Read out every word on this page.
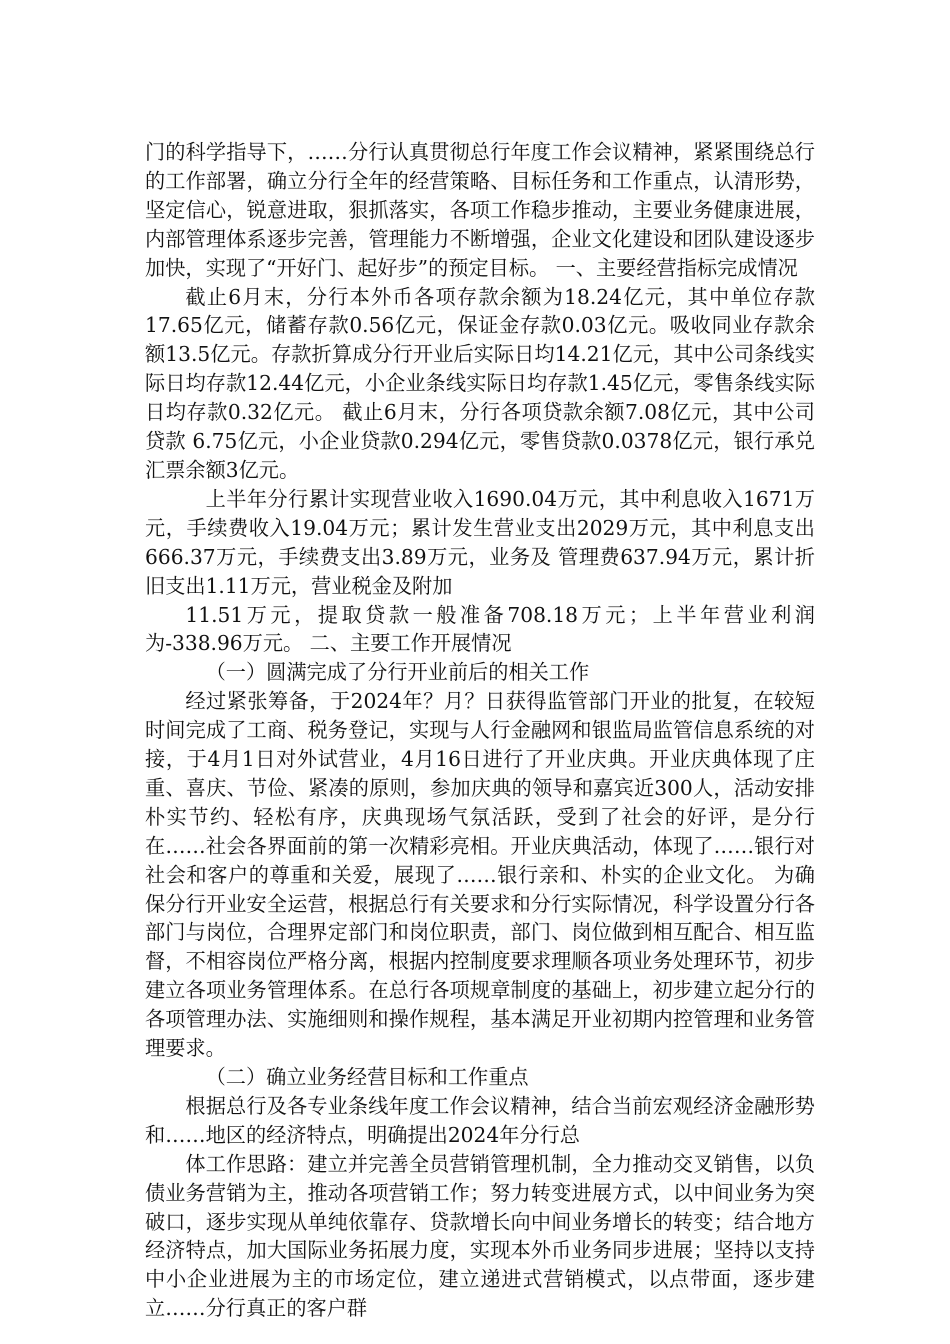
门的科学指导下，……分行认真贯彻总行年度工作会议精神，紧紧围绕总行的工作部署，确立分行全年的经营策略、目标任务和工作重点，认清形势，坚定信心，锐意进取，狠抓落实，各项工作稳步推动，主要业务健康进展，内部管理体系逐步完善，管理能力不断增强，企业文化建设和团队建设逐步加快，实现了“开好门、起好步”的预定目标。 一、主要经营指标完成情况

截止6月末，分行本外币各项存款余额为18.24亿元，其中单位存款17.65亿元，储蓄存款0.56亿元，保证金存款0.03亿元。吸收同业存款余额13.5亿元。存款折算成分行开业后实际日均14.21亿元，其中公司条线实际日均存款12.44亿元，小企业条线实际日均存款1.45亿元，零售条线实际日均存款0.32亿元。 截止6月末，分行各项贷款余额7.08亿元，其中公司贷款 6.75亿元，小企业贷款0.294亿元，零售贷款0.0378亿元，银行承兑汇票余额3亿元。

上半年分行累计实现营业收入1690.04万元，其中利息收入1671万元，手续费收入19.04万元；累计发生营业支出2029万元，其中利息支出666.37万元，手续费支出3.89万元，业务及 管理费637.94万元，累计折旧支出1.11万元，营业税金及附加

11.51万元，提取贷款一般准备708.18万元；上半年营业利润为-338.96万元。 二、主要工作开展情况

（一）圆满完成了分行开业前后的相关工作

经过紧张筹备，于2024年？月？日获得监管部门开业的批复，在较短时间完成了工商、税务登记，实现与人行金融网和银监局监管信息系统的对接，于4月1日对外试营业，4月16日进行了开业庆典。开业庆典体现了庄重、喜庆、节俭、紧凑的原则，参加庆典的领导和嘉宾近300人，活动安排朴实节约、轻松有序，庆典现场气氛活跃，受到了社会的好评，是分行在……社会各界面前的第一次精彩亮相。开业庆典活动，体现了……银行对社会和客户的尊重和关爱，展现了……银行亲和、朴实的企业文化。 为确保分行开业安全运营，根据总行有关要求和分行实际情况，科学设置分行各部门与岗位，合理界定部门和岗位职责，部门、岗位做到相互配合、相互监督，不相容岗位严格分离，根据内控制度要求理顺各项业务处理环节，初步建立各项业务管理体系。在总行各项规章制度的基础上，初步建立起分行的各项管理办法、实施细则和操作规程，基本满足开业初期内控管理和业务管理要求。

（二）确立业务经营目标和工作重点

根据总行及各专业条线年度工作会议精神，结合当前宏观经济金融形势和……地区的经济特点，明确提出2024年分行总

体工作思路：建立并完善全员营销管理机制，全力推动交叉销售，以负债业务营销为主，推动各项营销工作；努力转变进展方式，以中间业务为突破口，逐步实现从单纯依靠存、贷款增长向中间业务增长的转变；结合地方经济特点，加大国际业务拓展力度，实现本外币业务同步进展；坚持以支持中小企业进展为主的市场定位，建立递进式营销模式，以点带面，逐步建立……分行真正的客户群
